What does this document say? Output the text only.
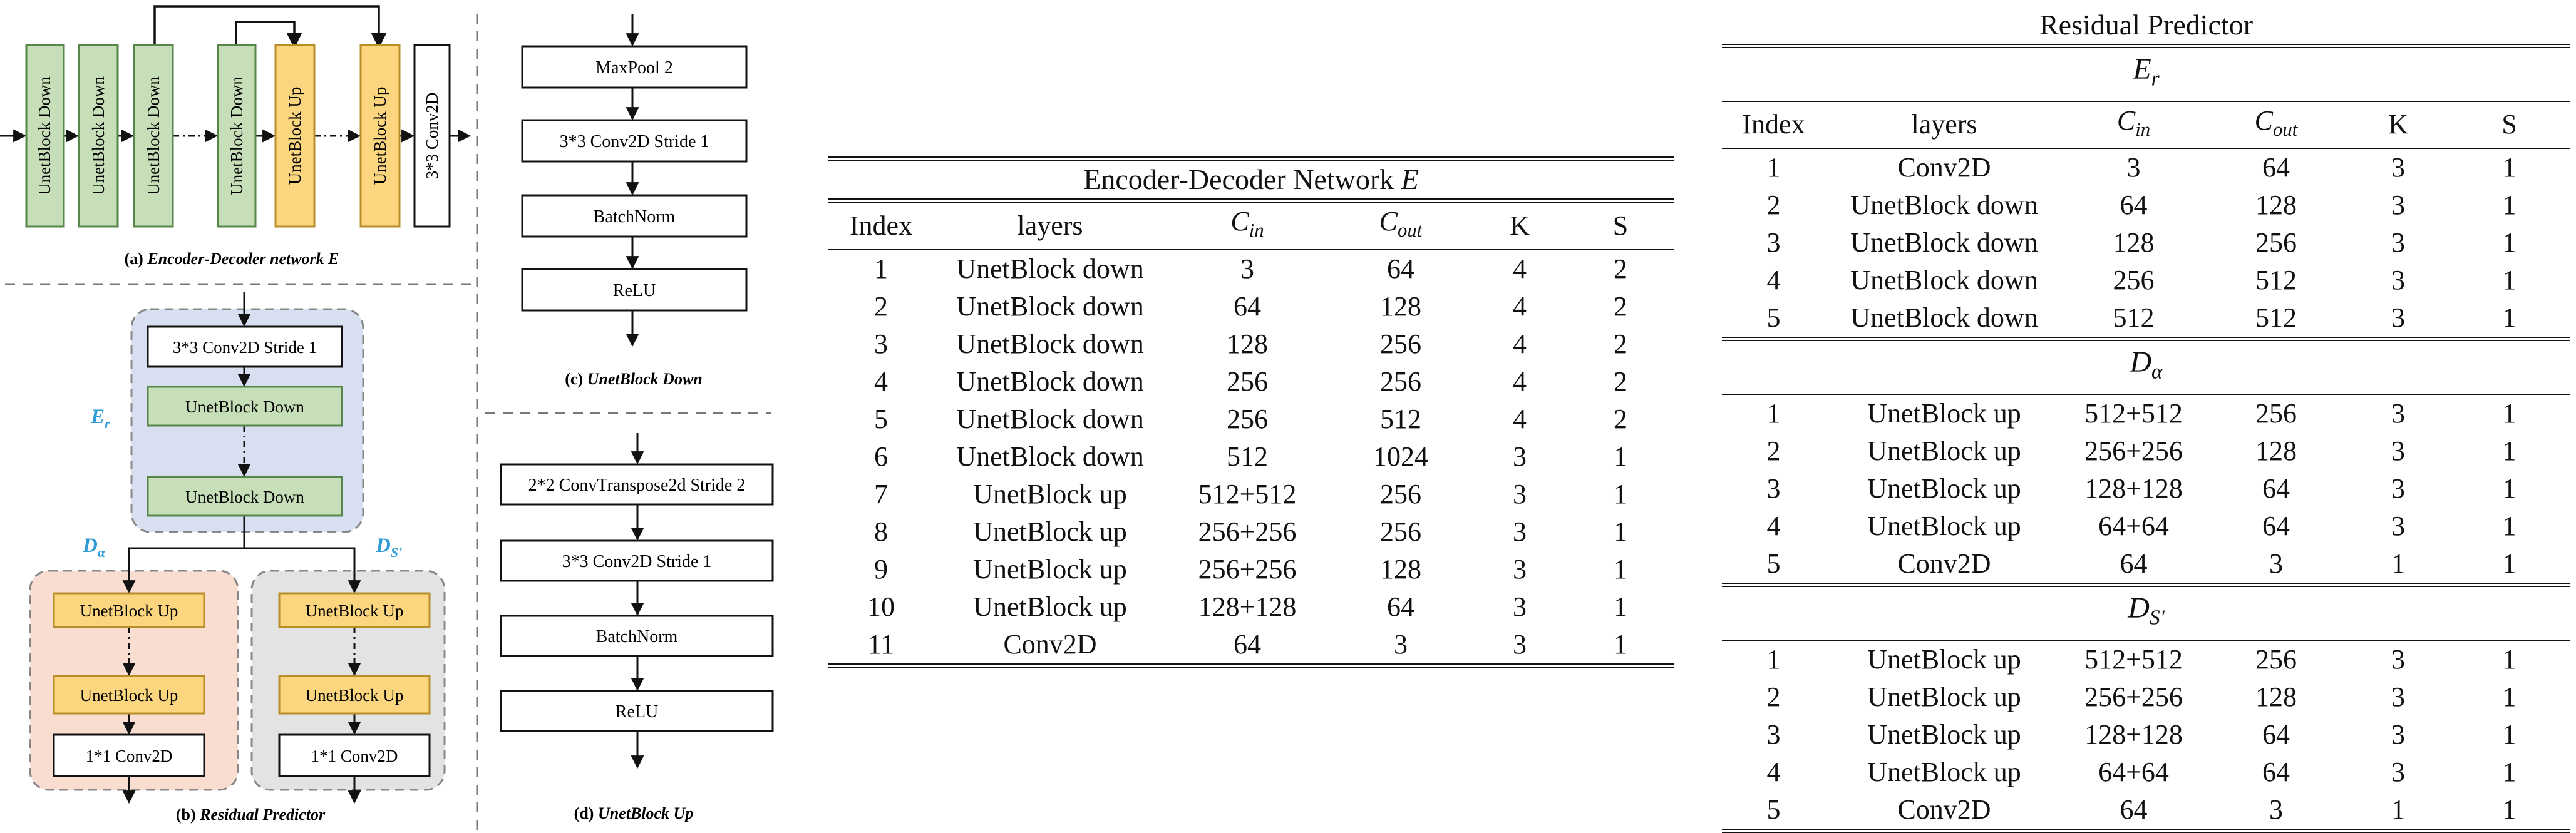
UnetBlock Down UnetBlock Down UnetBlock Down	UnetBlock Down UnetBlock Up	UnetBlock Up 3*3 Conv2D
(a) Encoder-Decoder network E
3*3 Conv2D Stride 1
UnetBlock Down
UnetBlock Down
$E_r$
$D_\alpha$	$D_{S'}$
UnetBlock Up
UnetBlock Up
1*1 Conv2D
UnetBlock Up
UnetBlock Up
1*1 Conv2D
(b) Residual Predictor
MaxPool 2
3*3 Conv2D Stride 1
BatchNorm
ReLU
(c) UnetBlock Down
2*2 ConvTranspose2d Stride 2
3*3 Conv2D Stride 1
BatchNorm
ReLU
(d) UnetBlock Up
Encoder-Decoder Network E					
Index	layers	$C_{in}$	$C_{out}$	K	S
1	UnetBlock down	3	64	4	2
2	UnetBlock down	64	128	4	2
3	UnetBlock down	128	256	4	2
4	UnetBlock down	256	256	4	2
5	UnetBlock down	256	512	4	2
6	UnetBlock down	512	1024	3	1
7	UnetBlock up	512+512	256	3	1
8	UnetBlock up	256+256	256	3	1
9	UnetBlock up	256+256	128	3	1
10	UnetBlock up	128+128	64	3	1
11	Conv2D	64	3	3	1
Residual Predictor					
$E_r$
Index	layers	$C_{in}$	$C_{out}$	K	S
1	Conv2D	3	64	3	1
2	UnetBlock down	64	128	3	1
3	UnetBlock down	128	256	3	1
4	UnetBlock down	256	512	3	1
5	UnetBlock down	512	512	3	1
$D_\alpha$
1	UnetBlock up	512+512	256	3	1
2	UnetBlock up	256+256	128	3	1
3	UnetBlock up	128+128	64	3	1
4	UnetBlock up	64+64	64	3	1
5	Conv2D	64	3	1	1
$D_{S'}$
1	UnetBlock up	512+512	256	3	1
2	UnetBlock up	256+256	128	3	1
3	UnetBlock up	128+128	64	3	1
4	UnetBlock up	64+64	64	3	1
5	Conv2D	64	3	1	1
